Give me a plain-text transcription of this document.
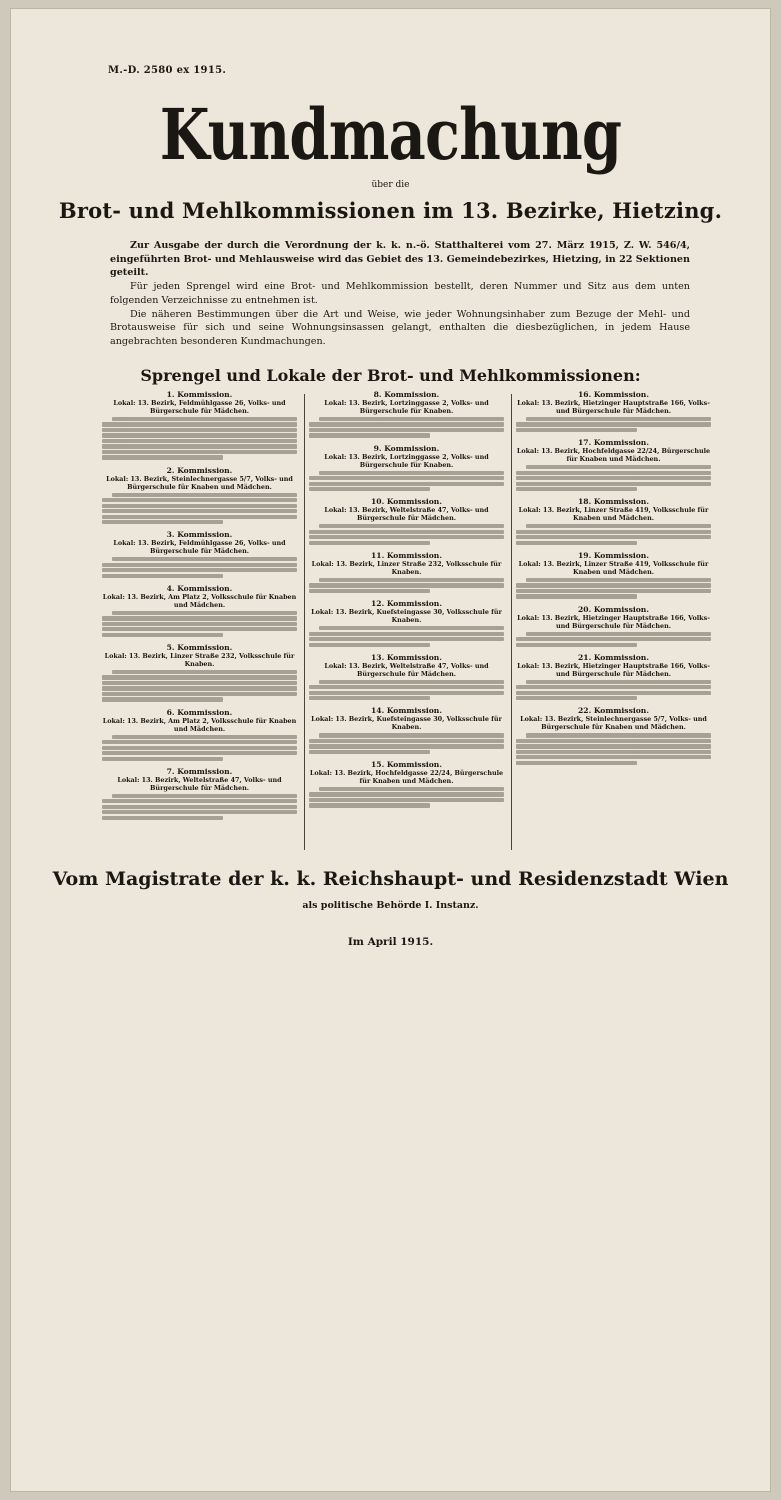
M.-D. 2580 ex 1915.
Kundmachung
über die
Brot- und Mehlkommissionen im 13. Bezirke, Hietzing.

Zur Ausgabe der durch die Verordnung der k. k. n.-ö. Statthalterei vom 27. März 1915, Z. W. 546/4, eingeführten Brot- und Mehlausweise wird das Gebiet des 13. Gemeindebezirkes, Hietzing, in 22 Sektionen geteilt.

Für jeden Sprengel wird eine Brot- und Mehlkommission bestellt, deren Nummer und Sitz aus dem unten folgenden Verzeichnisse zu entnehmen ist.

Die näheren Bestimmungen über die Art und Weise, wie jeder Wohnungsinhaber zum Bezuge der Mehl- und Brotausweise für sich und seine Wohnungsinsassen gelangt, enthalten die diesbezüglichen, in jedem Hause angebrachten besonderen Kundmachungen.

Sprengel und Lokale der Brot- und Mehlkommissionen:
1. Kommission.
Lokal: 13. Bezirk, Feldmühlgasse 26, Volks- und Bürgerschule für Mädchen.
2. Kommission.
Lokal: 13. Bezirk, Steinlechnergasse 5/7, Volks- und Bürgerschule für Knaben und Mädchen.
3. Kommission.
Lokal: 13. Bezirk, Feldmühlgasse 26, Volks- und Bürgerschule für Mädchen.
4. Kommission.
Lokal: 13. Bezirk, Am Platz 2, Volksschule für Knaben und Mädchen.
5. Kommission.
Lokal: 13. Bezirk, Linzer Straße 232, Volksschule für Knaben.
6. Kommission.
Lokal: 13. Bezirk, Am Platz 2, Volksschule für Knaben und Mädchen.
7. Kommission.
Lokal: 13. Bezirk, Weltelstraße 47, Volks- und Bürgerschule für Mädchen.
8. Kommission.
Lokal: 13. Bezirk, Lortzinggasse 2, Volks- und Bürgerschule für Knaben.
9. Kommission.
Lokal: 13. Bezirk, Lortzinggasse 2, Volks- und Bürgerschule für Knaben.
10. Kommission.
Lokal: 13. Bezirk, Weltelstraße 47, Volks- und Bürgerschule für Mädchen.
11. Kommission.
Lokal: 13. Bezirk, Linzer Straße 232, Volksschule für Knaben.
12. Kommission.
Lokal: 13. Bezirk, Kuefsteingasse 30, Volksschule für Knaben.
13. Kommission.
Lokal: 13. Bezirk, Weltelstraße 47, Volks- und Bürgerschule für Mädchen.
14. Kommission.
Lokal: 13. Bezirk, Kuefsteingasse 30, Volksschule für Knaben.
15. Kommission.
Lokal: 13. Bezirk, Hochfeldgasse 22/24, Bürgerschule für Knaben und Mädchen.
16. Kommission.
Lokal: 13. Bezirk, Hietzinger Hauptstraße 166, Volks- und Bürgerschule für Mädchen.
17. Kommission.
Lokal: 13. Bezirk, Hochfeldgasse 22/24, Bürgerschule für Knaben und Mädchen.
18. Kommission.
Lokal: 13. Bezirk, Linzer Straße 419, Volksschule für Knaben und Mädchen.
19. Kommission.
Lokal: 13. Bezirk, Linzer Straße 419, Volksschule für Knaben und Mädchen.
20. Kommission.
Lokal: 13. Bezirk, Hietzinger Hauptstraße 166, Volks- und Bürgerschule für Mädchen.
21. Kommission.
Lokal: 13. Bezirk, Hietzinger Hauptstraße 166, Volks- und Bürgerschule für Mädchen.
22. Kommission.
Lokal: 13. Bezirk, Steinlechnergasse 5/7, Volks- und Bürgerschule für Knaben und Mädchen.
Vom Magistrate der k. k. Reichshaupt- und Residenzstadt Wien
als politische Behörde I. Instanz.
Im April 1915.
